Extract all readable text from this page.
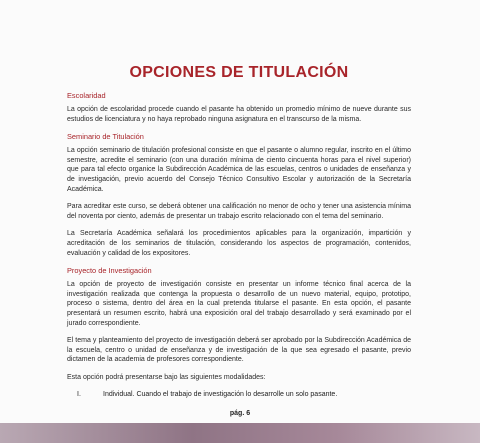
OPCIONES DE TITULACIÓN
Escolaridad

La opción de escolaridad procede cuando el pasante ha obtenido un promedio mínimo de nueve durante sus estudios de licenciatura y no haya reprobado ninguna asignatura en el transcurso de la misma.

Seminario de Titulación

La opción seminario de titulación profesional consiste en que el pasante o alumno regular, inscrito en el último semestre, acredite el seminario (con una duración mínima de ciento cincuenta horas para el nivel superior) que para tal efecto organice la Subdirección Académica de las escuelas, centros o unidades de enseñanza y de investigación, previo acuerdo del Consejo Técnico Consultivo Escolar y autorización de la Secretaría Académica.

Para acreditar este curso, se deberá obtener una calificación no menor de ocho y tener una asistencia mínima del noventa por ciento, además de presentar un trabajo escrito relacionado con el tema del seminario.

La Secretaría Académica señalará los procedimientos aplicables para la organización, impartición y acreditación de los seminarios de titulación, considerando los aspectos de programación, contenidos, evaluación y calidad de los expositores.

Proyecto de Investigación

La opción de proyecto de investigación consiste en presentar un informe técnico final acerca de la investigación realizada que contenga la propuesta o desarrollo de un nuevo material, equipo, prototipo, proceso o sistema, dentro del área en la cual pretenda titularse el pasante. En esta opción, el pasante presentará un resumen escrito, habrá una exposición oral del trabajo desarrollado y será examinado por el jurado correspondiente.

El tema y planteamiento del proyecto de investigación deberá ser aprobado por la Subdirección Académica de la escuela, centro o unidad de enseñanza y de investigación de la que sea egresado el pasante, previo dictamen de la academia de profesores correspondiente.

Esta opción podrá presentarse bajo las siguientes modalidades:

I.	Individual. Cuando el trabajo de investigación lo desarrolle un solo pasante.
pág. 6
